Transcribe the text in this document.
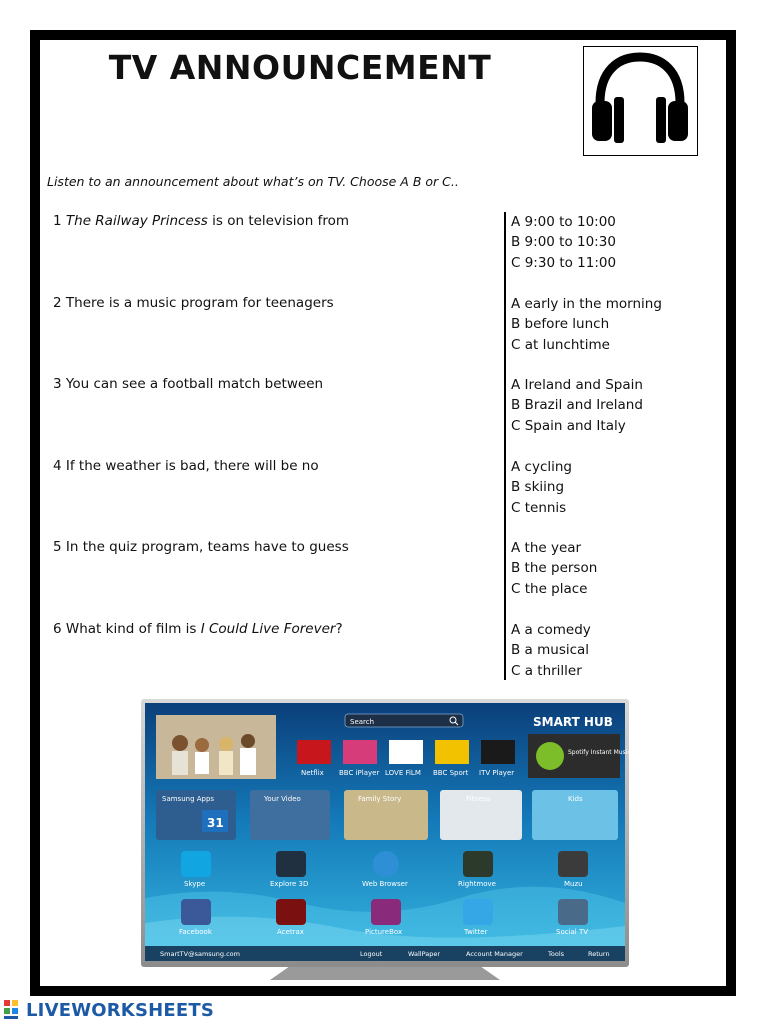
TV ANNOUNCEMENT
Listen to an announcement about what’s on TV. Choose A B or C..
1 The Railway Princess is on television from	A 9:00 to 10:00
B 9:00 to 10:30
C 9:30 to 11:00
2 There is a music program for teenagers	A early in the morning
B before lunch
C at lunchtime
3 You can see a football match between	A Ireland and Spain
B Brazil and Ireland
C Spain and Italy
4 If the weather is bad, there will be no	A cycling
B skiing
C tennis
5 In the quiz program, teams have to guess	A the year
B the person
C the place
6 What kind of film is I Could Live Forever?	A a comedy
B a musical
C a thriller
Search	SMART HUB
Netflix BBC iPlayer LOVE FiLM BBC Sport ITV Player
Spotify Instant Music
Samsung Apps	Your Video	Family Story	Fitness	Kids
31
Skype	Explore 3D	Web Browser	Rightmove	Muzu
Facebook	Acetrax	PictureBox	Twitter	Social TV
SmartTV@samsung.com	Logout	WallPaper	Account Manager	Tools	Return
LIVEWORKSHEETS
